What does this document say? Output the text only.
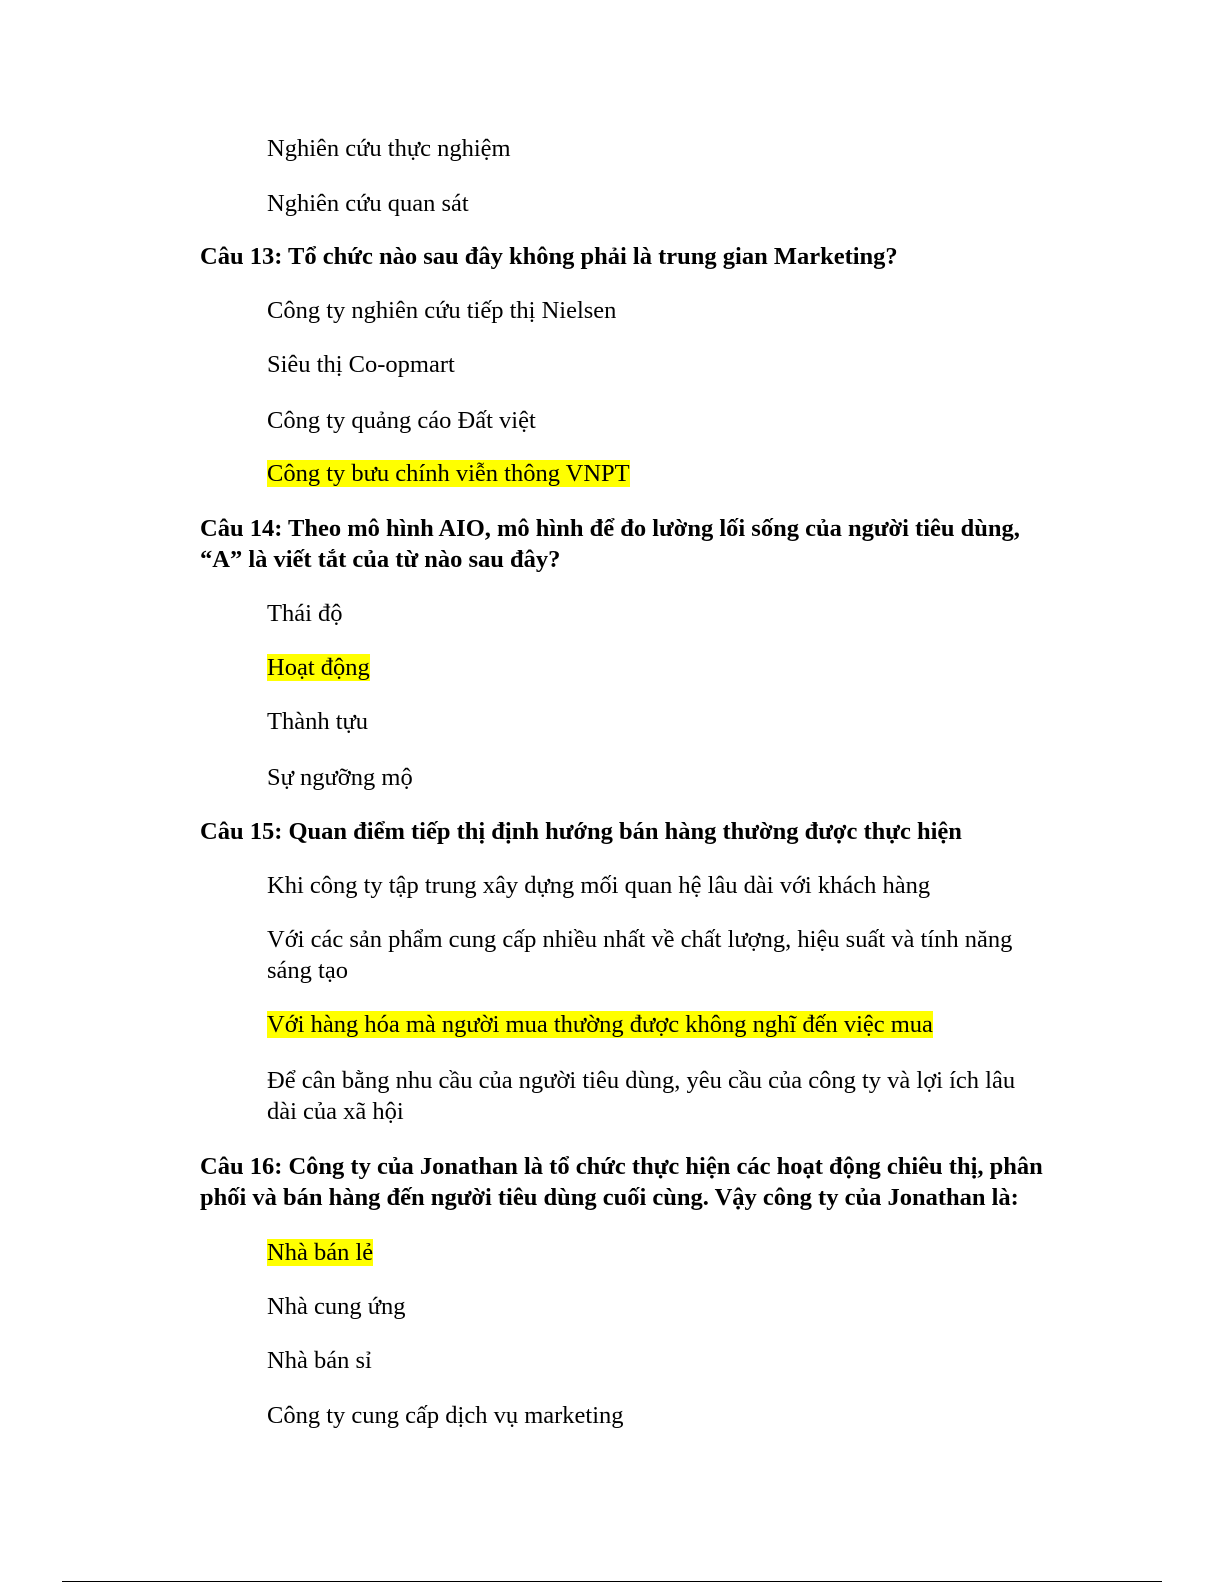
Nghiên cứu thực nghiệm
Nghiên cứu quan sát
Câu 13: Tổ chức nào sau đây không phải là trung gian Marketing?
Công ty nghiên cứu tiếp thị Nielsen
Siêu thị Co-opmart
Công ty quảng cáo Đất việt
Công ty bưu chính viễn thông VNPT
Câu 14: Theo mô hình AIO, mô hình để đo lường lối sống của người tiêu dùng,
“A” là viết tắt của từ nào sau đây?
Thái độ
Hoạt động
Thành tựu
Sự ngưỡng mộ
Câu 15: Quan điểm tiếp thị định hướng bán hàng thường được thực hiện
Khi công ty tập trung xây dựng mối quan hệ lâu dài với khách hàng
Với các sản phẩm cung cấp nhiều nhất về chất lượng, hiệu suất và tính năng
sáng tạo
Với hàng hóa mà người mua thường được không nghĩ đến việc mua
Để cân bằng nhu cầu của người tiêu dùng, yêu cầu của công ty và lợi ích lâu
dài của xã hội
Câu 16: Công ty của Jonathan là tổ chức thực hiện các hoạt động chiêu thị, phân
phối và bán hàng đến người tiêu dùng cuối cùng. Vậy công ty của Jonathan là:
Nhà bán lẻ
Nhà cung ứng
Nhà bán sỉ
Công ty cung cấp dịch vụ marketing
